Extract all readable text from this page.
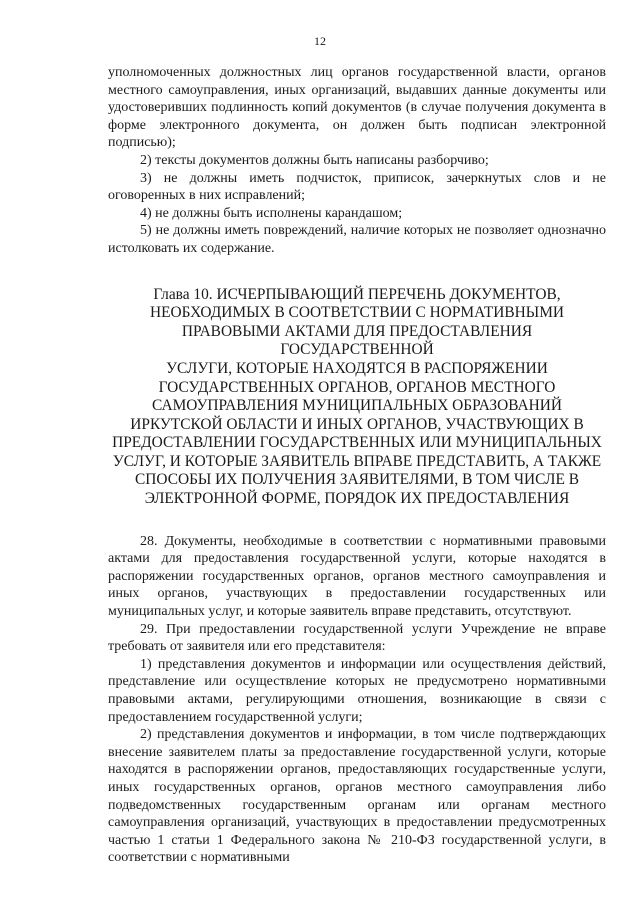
12

уполномоченных должностных лиц органов государственной власти, органов местного самоуправления, иных организаций, выдавших данные документы или удостоверивших подлинность копий документов (в случае получения документа в форме электронного документа, он должен быть подписан электронной подписью);

2) тексты документов должны быть написаны разборчиво;

3) не должны иметь подчисток, приписок, зачеркнутых слов и не оговоренных в них исправлений;

4) не должны быть исполнены карандашом;

5) не должны иметь повреждений, наличие которых не позволяет однозначно истолковать их содержание.

Глава 10. ИСЧЕРПЫВАЮЩИЙ ПЕРЕЧЕНЬ ДОКУМЕНТОВ,
НЕОБХОДИМЫХ В СООТВЕТСТВИИ С НОРМАТИВНЫМИ
ПРАВОВЫМИ АКТАМИ ДЛЯ ПРЕДОСТАВЛЕНИЯ ГОСУДАРСТВЕННОЙ
УСЛУГИ, КОТОРЫЕ НАХОДЯТСЯ В РАСПОРЯЖЕНИИ
ГОСУДАРСТВЕННЫХ ОРГАНОВ, ОРГАНОВ МЕСТНОГО
САМОУПРАВЛЕНИЯ МУНИЦИПАЛЬНЫХ ОБРАЗОВАНИЙ
ИРКУТСКОЙ ОБЛАСТИ И ИНЫХ ОРГАНОВ, УЧАСТВУЮЩИХ В
ПРЕДОСТАВЛЕНИИ ГОСУДАРСТВЕННЫХ ИЛИ МУНИЦИПАЛЬНЫХ
УСЛУГ, И КОТОРЫЕ ЗАЯВИТЕЛЬ ВПРАВЕ ПРЕДСТАВИТЬ, А ТАКЖЕ
СПОСОБЫ ИХ ПОЛУЧЕНИЯ ЗАЯВИТЕЛЯМИ, В ТОМ ЧИСЛЕ В
ЭЛЕКТРОННОЙ ФОРМЕ, ПОРЯДОК ИХ ПРЕДОСТАВЛЕНИЯ

28. Документы, необходимые в соответствии с нормативными правовыми актами для предоставления государственной услуги, которые находятся в распоряжении государственных органов, органов местного самоуправления и иных органов, участвующих в предоставлении государственных или муниципальных услуг, и которые заявитель вправе представить, отсутствуют.

29. При предоставлении государственной услуги Учреждение не вправе требовать от заявителя или его представителя:

1) представления документов и информации или осуществления действий, представление или осуществление которых не предусмотрено нормативными правовыми актами, регулирующими отношения, возникающие в связи с предоставлением государственной услуги;

2) представления документов и информации, в том числе подтверждающих внесение заявителем платы за предоставление государственной услуги, которые находятся в распоряжении органов, предоставляющих государственные услуги, иных государственных органов, органов местного самоуправления либо подведомственных государственным органам или органам местного самоуправления организаций, участвующих в предоставлении предусмотренных частью 1 статьи 1 Федерального закона № 210-ФЗ государственной услуги, в соответствии с нормативными
